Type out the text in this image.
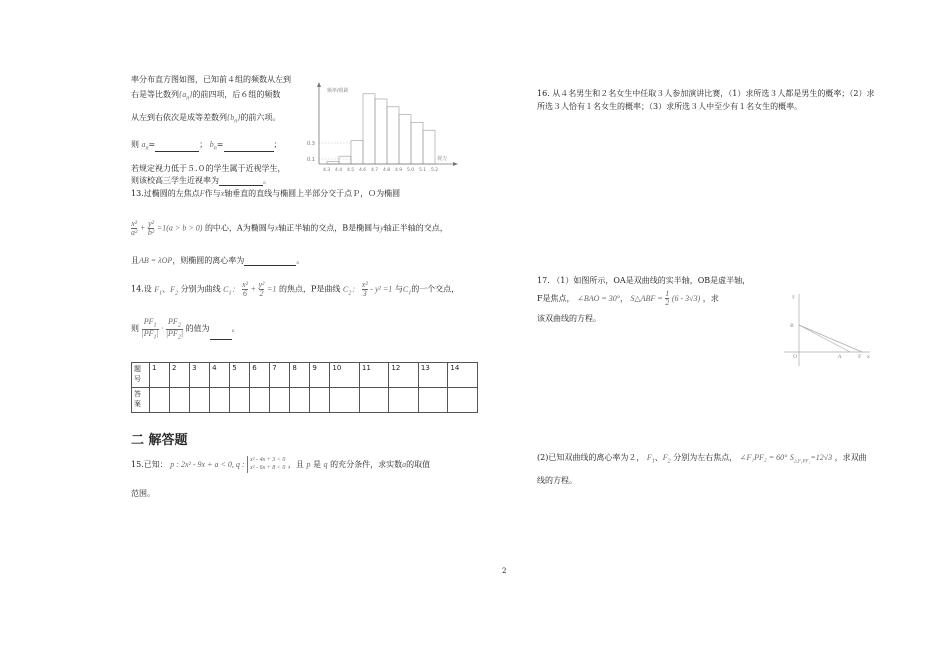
率分布直方图如图，已知前４组的频数从左到
右是等比数列$\{a_n\}$的前四项，后６组的频数
从左到右依次是成等差数列$\{b_n\}$的前六项。
则 $a_n=$	； $b_n=$	；
若规定视力低于５.０的学生属于近视学生，
则该校高三学生近视率为	。
频率/组距
视力
0.3
0.1
4.3 4.4 4.5 4.6 4.7 4.8 4.9 5.0 5.1 5.2
13.过椭圆的左焦点F作与x轴垂直的直线与椭圆上半部分交于点Ｐ，Ｏ为椭圆
$\frac{\text{x²}}{\text{a²}} + \frac{\text{y²}}{\text{b²}} =1(a > b > 0)$ 的中心，A为椭圆与x轴正半轴的交点，B是椭圆与y轴正半轴的交点，
且AB = λOP，则椭圆的离心率为	。
14.设 $F_1$、$F_2$ 分别为曲线 $C_1$： $\frac{\text{x²}}{6} + \frac{\text{y²}}{2} =1$ 的焦点，P是曲线 $C_2$： $\frac{\text{x²}}{3} - y^2 =1$ 与$C_1$的一个交点，
则 $\frac{PF_1}{|PF_1|} \cdot \frac{PF_2}{|PF_2|}$ 的值为	。
题
号	1	2	3	4	5	6	7	8	9	10	11	12	13	14
答
案														
二 解答题
15.已知： p : 2x² - 9x + a < 0, q : x² - 4x + 3 < 0
x² - 6x + 8 < 0 ，且 p 是 q 的充分条件，求实数a的取值
范围。
16. 从４名男生和２名女生中任取３人参加演讲比赛，（1）求所选３人都是男生的概率；（2）求
所选３人恰有１名女生的概率；（3）求所选３人中至少有１名女生的概率。
17. （1）如图所示，OA是双曲线的实半轴，OB是虚半轴，
F是焦点， ∠BAO = 30°， S△ABF = $\frac{1}{2} (6 - 3√3)$ ，求
该双曲线的方程。
y
B
O	A	F x
(2)已知双曲线的离心率为２， $F_1$、$F_2$ 分别为左右焦点， ∠F₁PF₂ = 60° $S_{\triangle F_1PF_2}=12√3$ ，求双曲
线的方程。
2
